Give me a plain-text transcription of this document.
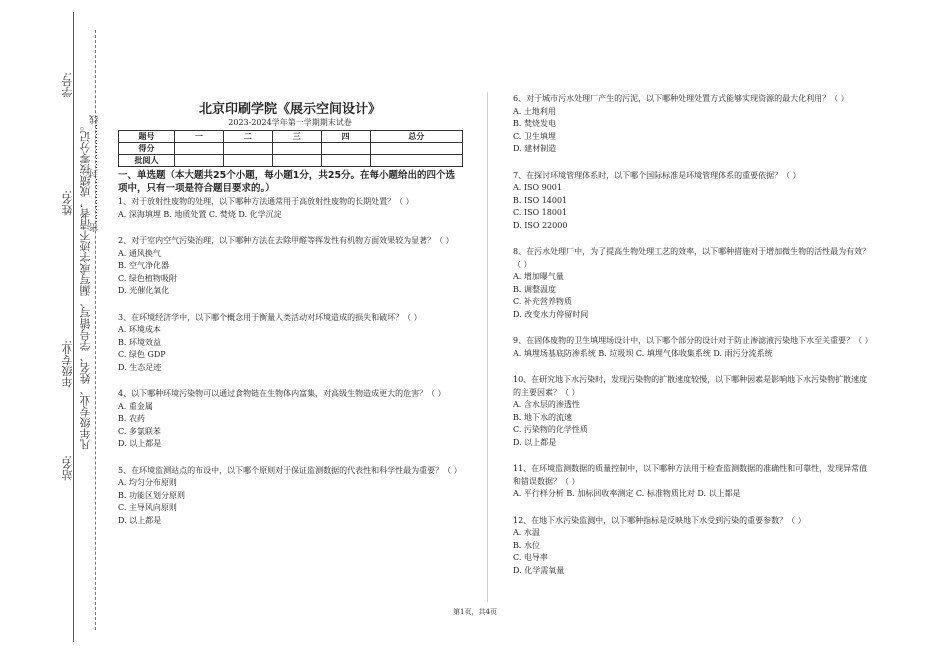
学号:
姓名:
年级专业:
站名:
凡年级专业、姓名、学号错写、漏写或字迹不清者，成绩按零分记。
密……………封……………线
北京印刷学院《展示空间设计》
2023-2024学年第一学期期末试卷
题号	一	二	三	四	总分
得分					
批阅人					
一、单选题（本大题共25个小题，每小题1分，共25分。在每小题给出的四个选项中，只有一项是符合题目要求的。）

1、对于放射性废物的处理，以下哪种方法通常用于高放射性废物的长期处置？（ ）

A. 深海填埋 B. 地质处置 C. 焚烧 D. 化学沉淀

2、对于室内空气污染治理，以下哪种方法在去除甲醛等挥发性有机物方面效果较为显著？（ ）

A. 通风换气

B. 空气净化器

C. 绿色植物吸附

D. 光催化氧化

3、在环境经济学中，以下哪个概念用于衡量人类活动对环境造成的损失和破坏？（ ）

A. 环境成本

B. 环境效益

C. 绿色 GDP

D. 生态足迹

4、以下哪种环境污染物可以通过食物链在生物体内富集，对高级生物造成更大的危害？（ ）

A. 重金属

B. 农药

C. 多氯联苯

D. 以上都是

5、在环境监测站点的布设中，以下哪个原则对于保证监测数据的代表性和科学性最为重要？（ ）

A. 均匀分布原则

B. 功能区划分原则

C. 主导风向原则

D. 以上都是

6、对于城市污水处理厂产生的污泥，以下哪种处理处置方式能够实现资源的最大化利用？（ ）

A. 土地利用

B. 焚烧发电

C. 卫生填埋

D. 建材制造

7、在探讨环境管理体系时，以下哪个国际标准是环境管理体系的重要依据？（ ）

A. ISO 9001

B. ISO 14001

C. ISO 18001

D. ISO 22000

8、在污水处理厂中，为了提高生物处理工艺的效率，以下哪种措施对于增加微生物的活性最为有效？（ ）

A. 增加曝气量

B. 调整温度

C. 补充营养物质

D. 改变水力停留时间

9、在固体废物的卫生填埋场设计中，以下哪个部分的设计对于防止渗滤液污染地下水至关重要？（ ）

A. 填埋场基底防渗系统 B. 垃圾坝 C. 填埋气体收集系统 D. 雨污分流系统

10、在研究地下水污染时，发现污染物的扩散速度较慢，以下哪种因素是影响地下水污染物扩散速度的主要因素？（ ）

A. 含水层的渗透性

B. 地下水的流速

C. 污染物的化学性质

D. 以上都是

11、在环境监测数据的质量控制中，以下哪种方法用于检查监测数据的准确性和可靠性，发现异常值和错误数据？（ ）

A. 平行样分析 B. 加标回收率测定 C. 标准物质比对 D. 以上都是

12、在地下水污染监测中，以下哪种指标是反映地下水受到污染的重要参数？（ ）

A. 水温

B. 水位

C. 电导率

D. 化学需氧量

第1页，共4页
